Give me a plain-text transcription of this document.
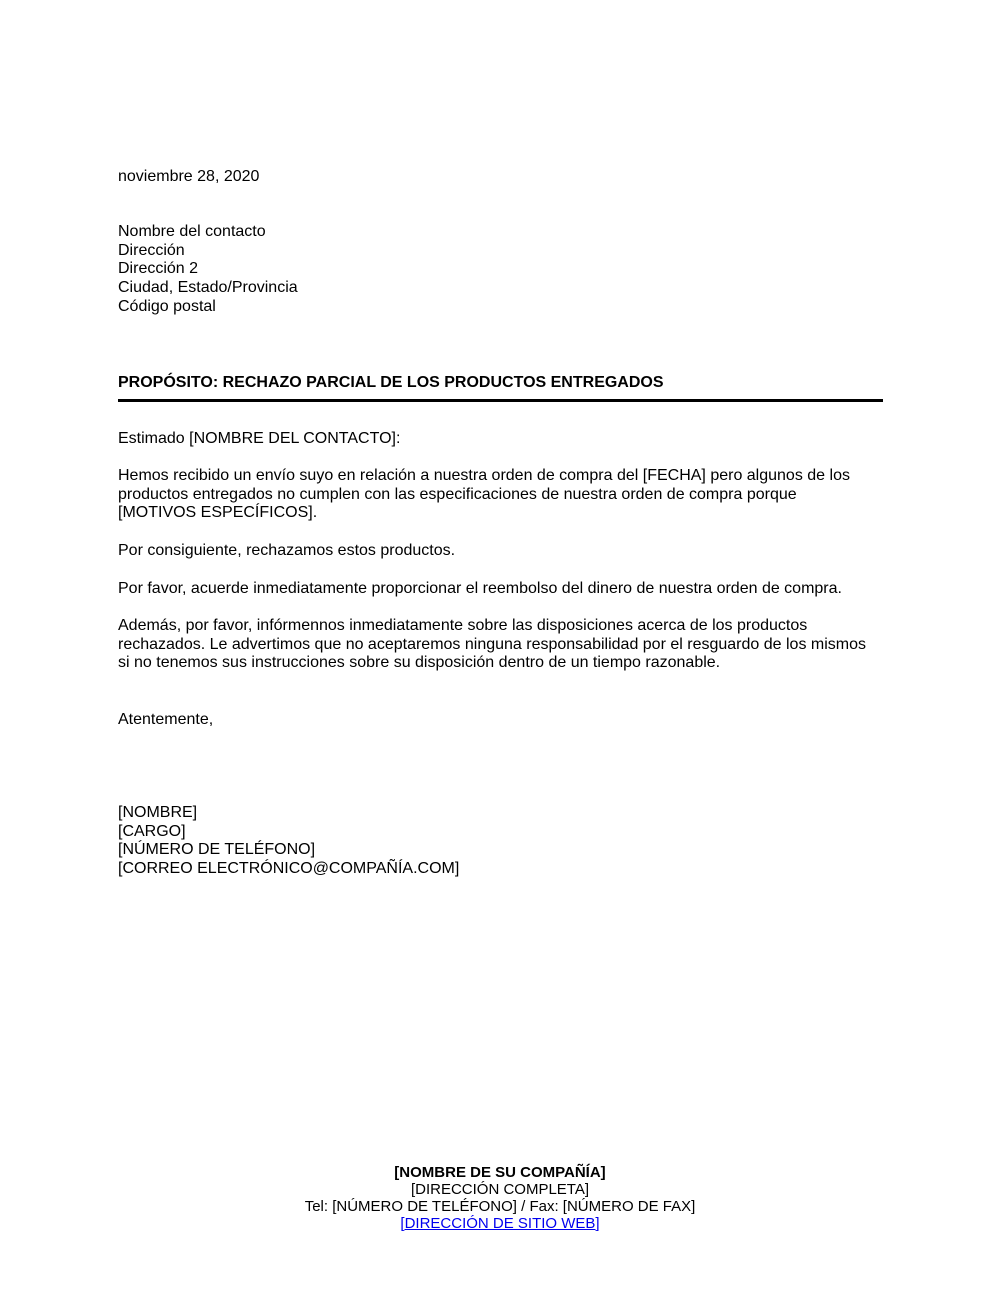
noviembre 28, 2020
Nombre del contacto
Dirección
Dirección 2
Ciudad, Estado/Provincia
Código postal
PROPÓSITO: RECHAZO PARCIAL DE LOS PRODUCTOS ENTREGADOS
Estimado [NOMBRE DEL CONTACTO]:
Hemos recibido un envío suyo en relación a nuestra orden de compra del [FECHA] pero algunos de los
productos entregados no cumplen con las especificaciones de nuestra orden de compra porque
[MOTIVOS ESPECÍFICOS].
Por consiguiente, rechazamos estos productos.
Por favor, acuerde inmediatamente proporcionar el reembolso del dinero de nuestra orden de compra.
Además, por favor, infórmennos inmediatamente sobre las disposiciones acerca de los productos
rechazados. Le advertimos que no aceptaremos ninguna responsabilidad por el resguardo de los mismos
si no tenemos sus instrucciones sobre su disposición dentro de un tiempo razonable.
Atentemente,
[NOMBRE]
[CARGO]
[NÚMERO DE TELÉFONO]
[CORREO ELECTRÓNICO@COMPAÑÍA.COM]
[NOMBRE DE SU COMPAÑÍA]
[DIRECCIÓN COMPLETA]
Tel: [NÚMERO DE TELÉFONO] / Fax: [NÚMERO DE FAX]
[DIRECCIÓN DE SITIO WEB]
